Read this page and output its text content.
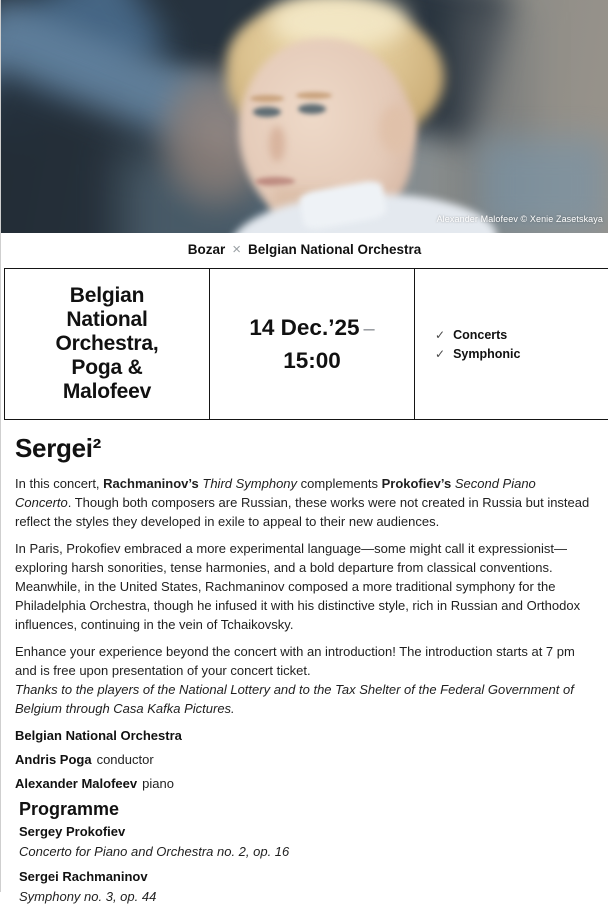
Alexander Malofeev © Xenie Zasetskaya
Bozar × Belgian National Orchestra
Belgian National Orchestra, Poga & Malofeev
14 Dec.’25 –
15:00
✓ Concerts
✓ Symphonic
Sergei²

In this concert, Rachmaninov’s Third Symphony complements Prokofiev’s Second Piano Concerto. Though both composers are Russian, these works were not created in Russia but instead reflect the styles they developed in exile to appeal to their new audiences.

In Paris, Prokofiev embraced a more experimental language—some might call it expressionist—exploring harsh sonorities, tense harmonies, and a bold departure from classical conventions. Meanwhile, in the United States, Rachmaninov composed a more traditional symphony for the Philadelphia Orchestra, though he infused it with his distinctive style, rich in Russian and Orthodox influences, continuing in the vein of Tchaikovsky.

Enhance your experience beyond the concert with an introduction! The introduction starts at 7 pm and is free upon presentation of your concert ticket.

Thanks to the players of the National Lottery and to the Tax Shelter of the Federal Government of Belgium through Casa Kafka Pictures.

Belgian National Orchestra

Andris Poga conductor

Alexander Malofeev piano

Programme

Sergey Prokofiev

Concerto for Piano and Orchestra no. 2, op. 16

Sergei Rachmaninov

Symphony no. 3, op. 44
